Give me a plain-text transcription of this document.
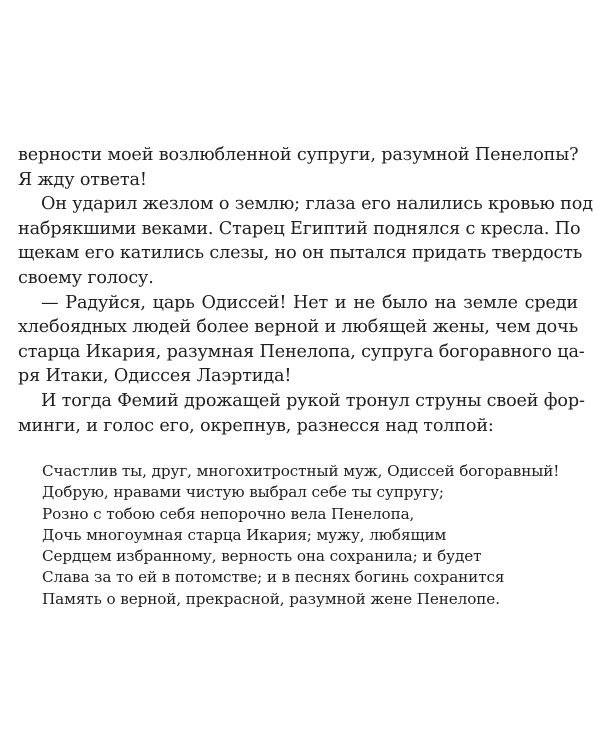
верности моей возлюбленной супруги, разумной Пенелопы?
Я жду ответа!
Он ударил жезлом о землю; глаза его налились кровью под
набрякшими веками. Старец Египтий поднялся с кресла. По
щекам его катились слезы, но он пытался придать твердость
своему голосу.
— Радуйся, царь Одиссей! Нет и не было на земле среди
хлебоядных людей более верной и любящей жены, чем дочь
старца Икария, разумная Пенелопа, супруга богоравного ца-
ря Итаки, Одиссея Лаэртида!
И тогда Фемий дрожащей рукой тронул струны своей фор-
минги, и голос его, окрепнув, разнесся над толпой:
Счастлив ты, друг, многохитростный муж, Одиссей богоравный!
Добрую, нравами чистую выбрал себе ты супругу;
Розно с тобою себя непорочно вела Пенелопа,
Дочь многоумная старца Икария; мужу, любящим
Сердцем избранному, верность она сохранила; и будет
Слава за то ей в потомстве; и в песнях богинь сохранится
Память о верной, прекрасной, разумной жене Пенелопе.
